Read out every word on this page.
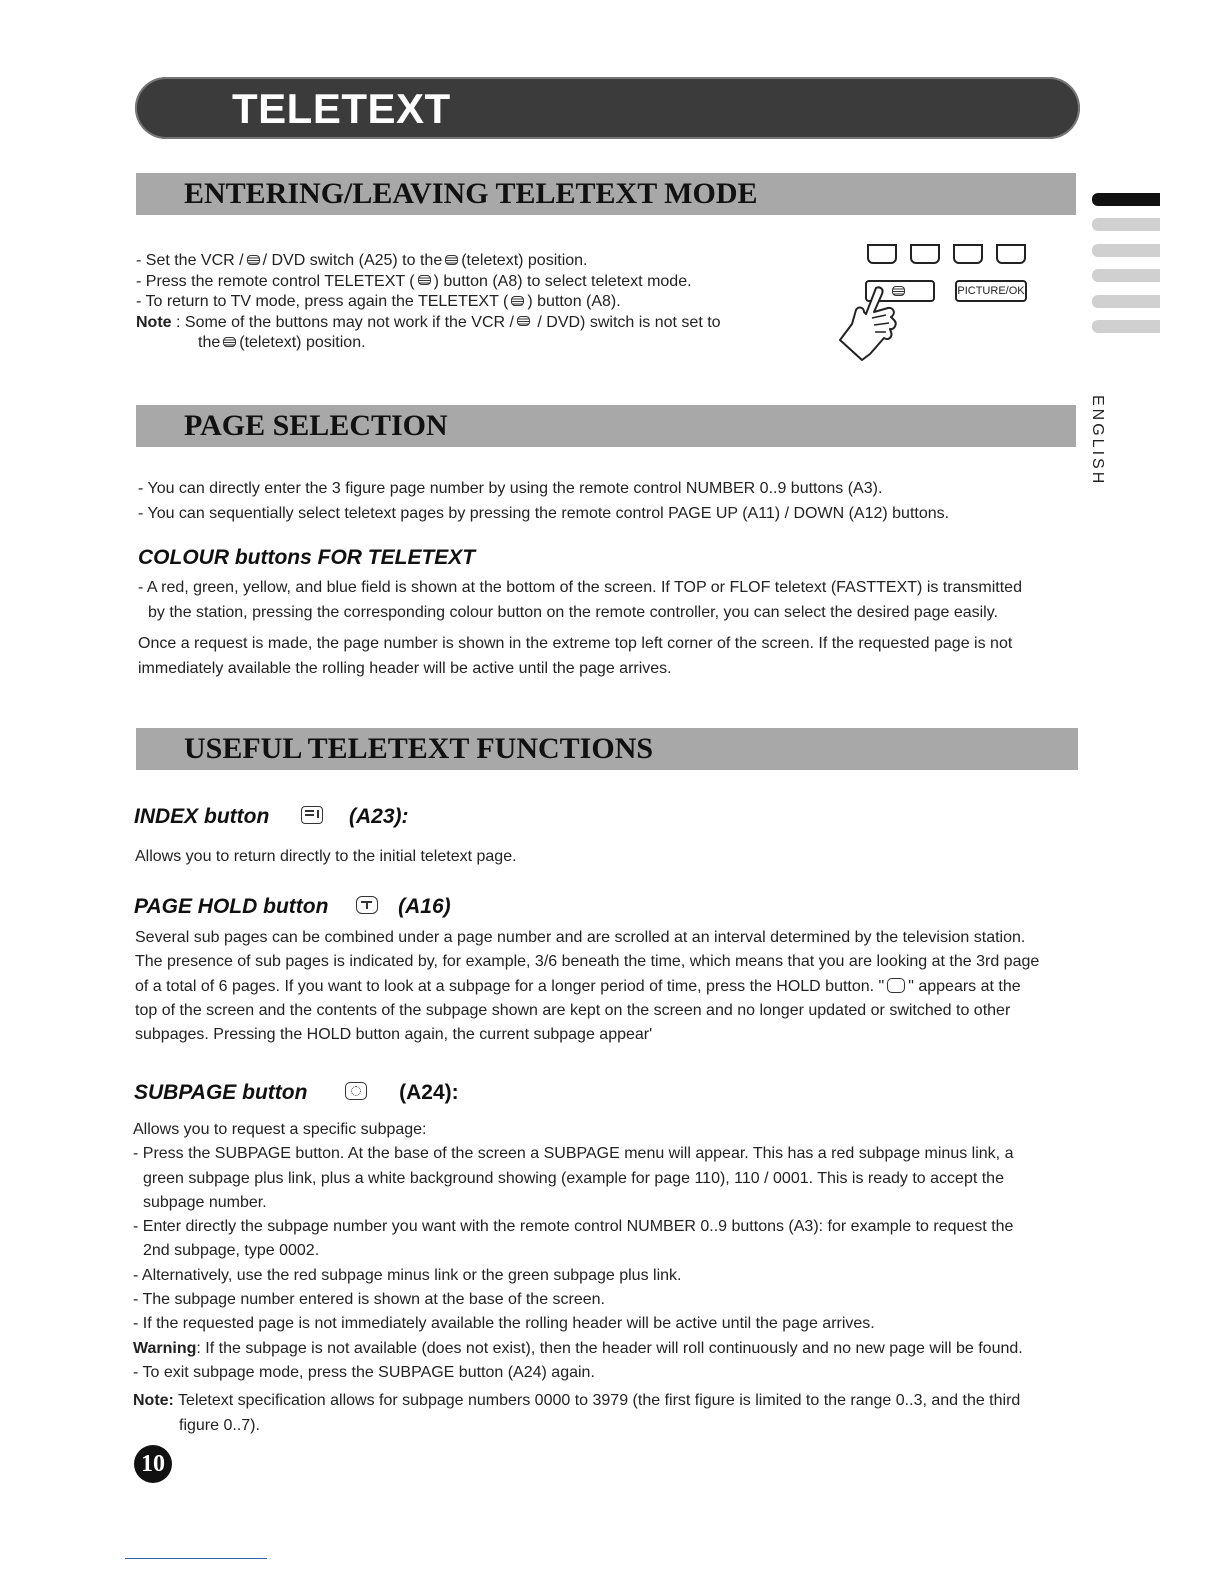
TELETEXT
ENGLISH
ENTERING/LEAVING TELETEXT MODE
- Set the VCR / / DVD switch (A25) to the (teletext) position.
- Press the remote control TELETEXT ( ) button (A8) to select teletext mode.
- To return to TV mode, press again the TELETEXT ( ) button (A8).
Note : Some of the buttons may not work if the VCR / / DVD) switch is not set to
the (teletext) position.
PICTURE/OK
PAGE SELECTION
- You can directly enter the 3 figure page number by using the remote control NUMBER 0..9 buttons (A3).
- You can sequentially select teletext pages by pressing the remote control PAGE UP (A11) / DOWN (A12) buttons.
COLOUR buttons FOR TELETEXT
- A red, green, yellow, and blue field is shown at the bottom of the screen. If TOP or FLOF teletext (FASTTEXT) is transmitted
by the station, pressing the corresponding colour button on the remote controller, you can select the desired page easily.
Once a request is made, the page number is shown in the extreme top left corner of the screen. If the requested page is not
immediately available the rolling header will be active until the page arrives.
USEFUL TELETEXT FUNCTIONS
INDEX button	(A23):
Allows you to return directly to the initial teletext page.
PAGE HOLD button	(A16)
Several sub pages can be combined under a page number and are scrolled at an interval determined by the television station.
The presence of sub pages is indicated by, for example, 3/6 beneath the time, which means that you are looking at the 3rd page
of a total of 6 pages. If you want to look at a subpage for a longer period of time, press the HOLD button. " " appears at the
top of the screen and the contents of the subpage shown are kept on the screen and no longer updated or switched to other
subpages. Pressing the HOLD button again, the current subpage appear'
SUBPAGE button	(A24):
Allows you to request a specific subpage:
- Press the SUBPAGE button. At the base of the screen a SUBPAGE menu will appear. This has a red subpage minus link, a
green subpage plus link, plus a white background showing (example for page 110), 110 / 0001. This is ready to accept the
subpage number.
- Enter directly the subpage number you want with the remote control NUMBER 0..9 buttons (A3): for example to request the
2nd subpage, type 0002.
- Alternatively, use the red subpage minus link or the green subpage plus link.
- The subpage number entered is shown at the base of the screen.
- If the requested page is not immediately available the rolling header will be active until the page arrives.
Warning: If the subpage is not available (does not exist), then the header will roll continuously and no new page will be found.
- To exit subpage mode, press the SUBPAGE button (A24) again.
Note: Teletext specification allows for subpage numbers 0000 to 3979 (the first figure is limited to the range 0..3, and the third
figure 0..7).
10
